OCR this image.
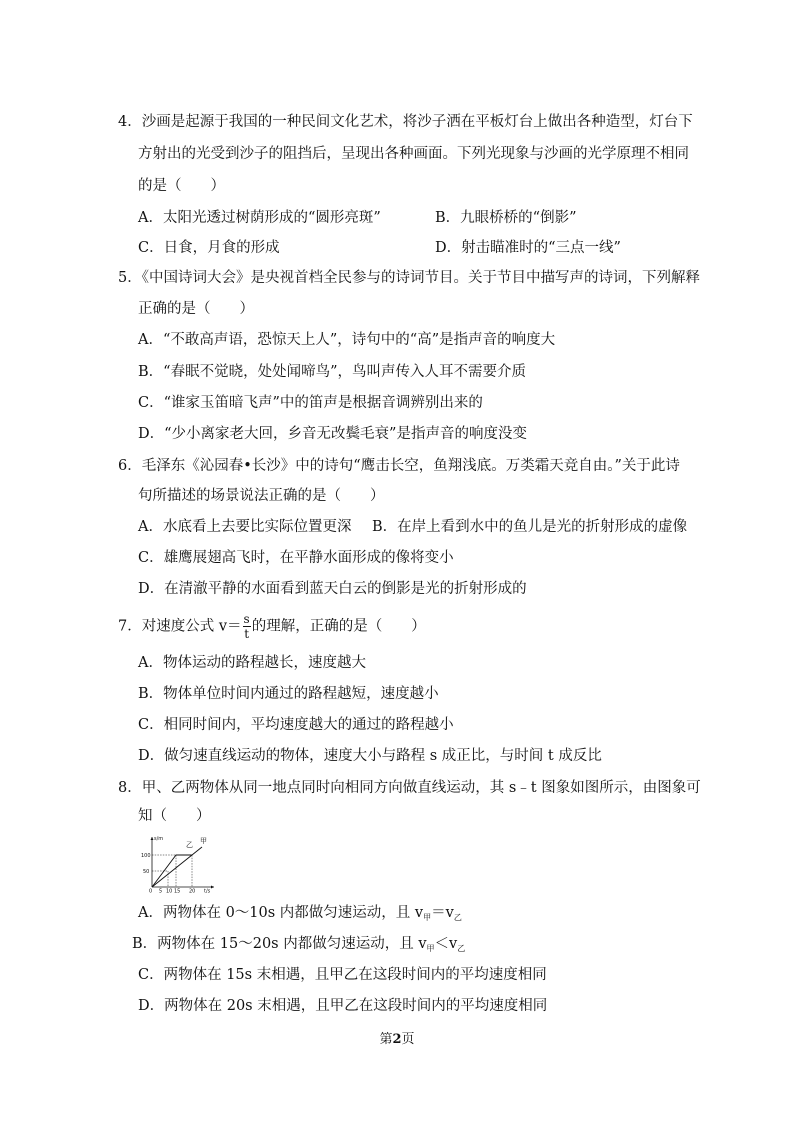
4．沙画是起源于我国的一种民间文化艺术，将沙子洒在平板灯台上做出各种造型，灯台下
方射出的光受到沙子的阻挡后，呈现出各种画面。下列光现象与沙画的光学原理不相同
的是（　　）
A．太阳光透过树荫形成的“圆形亮斑”	B．九眼桥桥的“倒影”
C．日食，月食的形成	D．射击瞄准时的“三点一线”
5．《中国诗词大会》是央视首档全民参与的诗词节目。关于节目中描写声的诗词，下列解释
正确的是（　　）
A．“不敢高声语，恐惊天上人”，诗句中的“高”是指声音的响度大
B．“春眠不觉晓，处处闻啼鸟”，鸟叫声传入人耳不需要介质
C．“谁家玉笛暗飞声”中的笛声是根据音调辨别出来的
D．“少小离家老大回，乡音无改鬓毛衰”是指声音的响度没变
6．毛泽东《沁园春•长沙》中的诗句“鹰击长空，鱼翔浅底。万类霜天竞自由。”关于此诗
句所描述的场景说法正确的是（　　）
A．水底看上去要比实际位置更深 B．在岸上看到水中的鱼儿是光的折射形成的虚像
C．雄鹰展翅高飞时，在平静水面形成的像将变小
D．在清澈平静的水面看到蓝天白云的倒影是光的折射形成的
7．对速度公式 $v= \frac{s}{t}$ 的理解，正确的是（　　）
A．物体运动的路程越长，速度越大
B．物体单位时间内通过的路程越短，速度越小
C．相同时间内，平均速度越大的通过的路程越小
D．做匀速直线运动的物体，速度大小与路程 s 成正比，与时间 t 成反比
8．甲、乙两物体从同一地点同时向相同方向做直线运动，其 s﹣t 图象如图所示，由图象可
知（　　）
s/m
t/s
100
50
0 5 10 15 20
乙 甲
A．两物体在 0～10s 内都做匀速运动，且 $v_甲=v_乙$
B．两物体在 15～20s 内都做匀速运动，且 $v_甲<v_乙$
C．两物体在 15s 末相遇，且甲乙在这段时间内的平均速度相同
D．两物体在 20s 末相遇，且甲乙在这段时间内的平均速度相同
第2页
